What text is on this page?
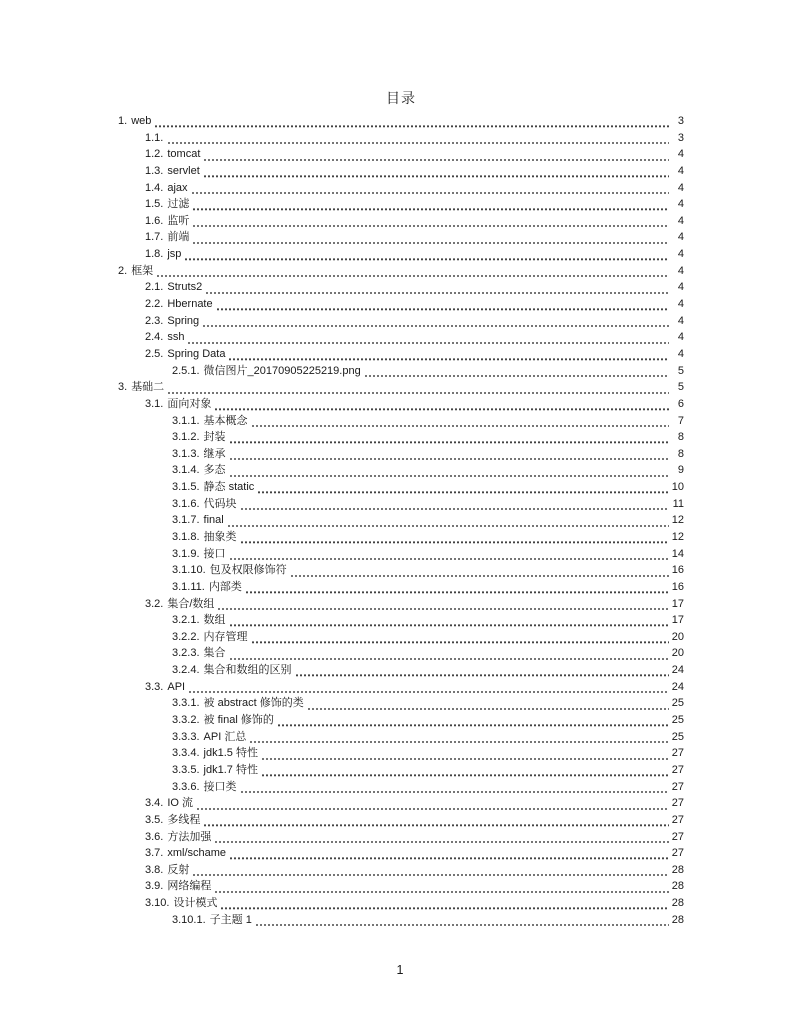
目录
1. web	3
1.1.	3
1.2. tomcat	4
1.3. servlet	4
1.4. ajax	4
1.5. 过滤	4
1.6. 监听	4
1.7. 前端	4
1.8. jsp	4
2. 框架	4
2.1. Struts2	4
2.2. Hbernate	4
2.3. Spring	4
2.4. ssh	4
2.5. Spring Data	4
2.5.1. 微信图片_20170905225219.png	5
3. 基础二	5
3.1. 面向对象	6
3.1.1. 基本概念	7
3.1.2. 封装	8
3.1.3. 继承	8
3.1.4. 多态	9
3.1.5. 静态 static	10
3.1.6. 代码块	11
3.1.7. final	12
3.1.8. 抽象类	12
3.1.9. 接口	14
3.1.10. 包及权限修饰符	16
3.1.11. 内部类	16
3.2. 集合/数组	17
3.2.1. 数组	17
3.2.2. 内存管理	20
3.2.3. 集合	20
3.2.4. 集合和数组的区别	24
3.3. API	24
3.3.1. 被 abstract 修饰的类	25
3.3.2. 被 final 修饰的	25
3.3.3. API 汇总	25
3.3.4. jdk1.5 特性	27
3.3.5. jdk1.7 特性	27
3.3.6. 接口类	27
3.4. IO 流	27
3.5. 多线程	27
3.6. 方法加强	27
3.7. xml/schame	27
3.8. 反射	28
3.9. 网络编程	28
3.10. 设计模式	28
3.10.1. 子主题 1	28
1
